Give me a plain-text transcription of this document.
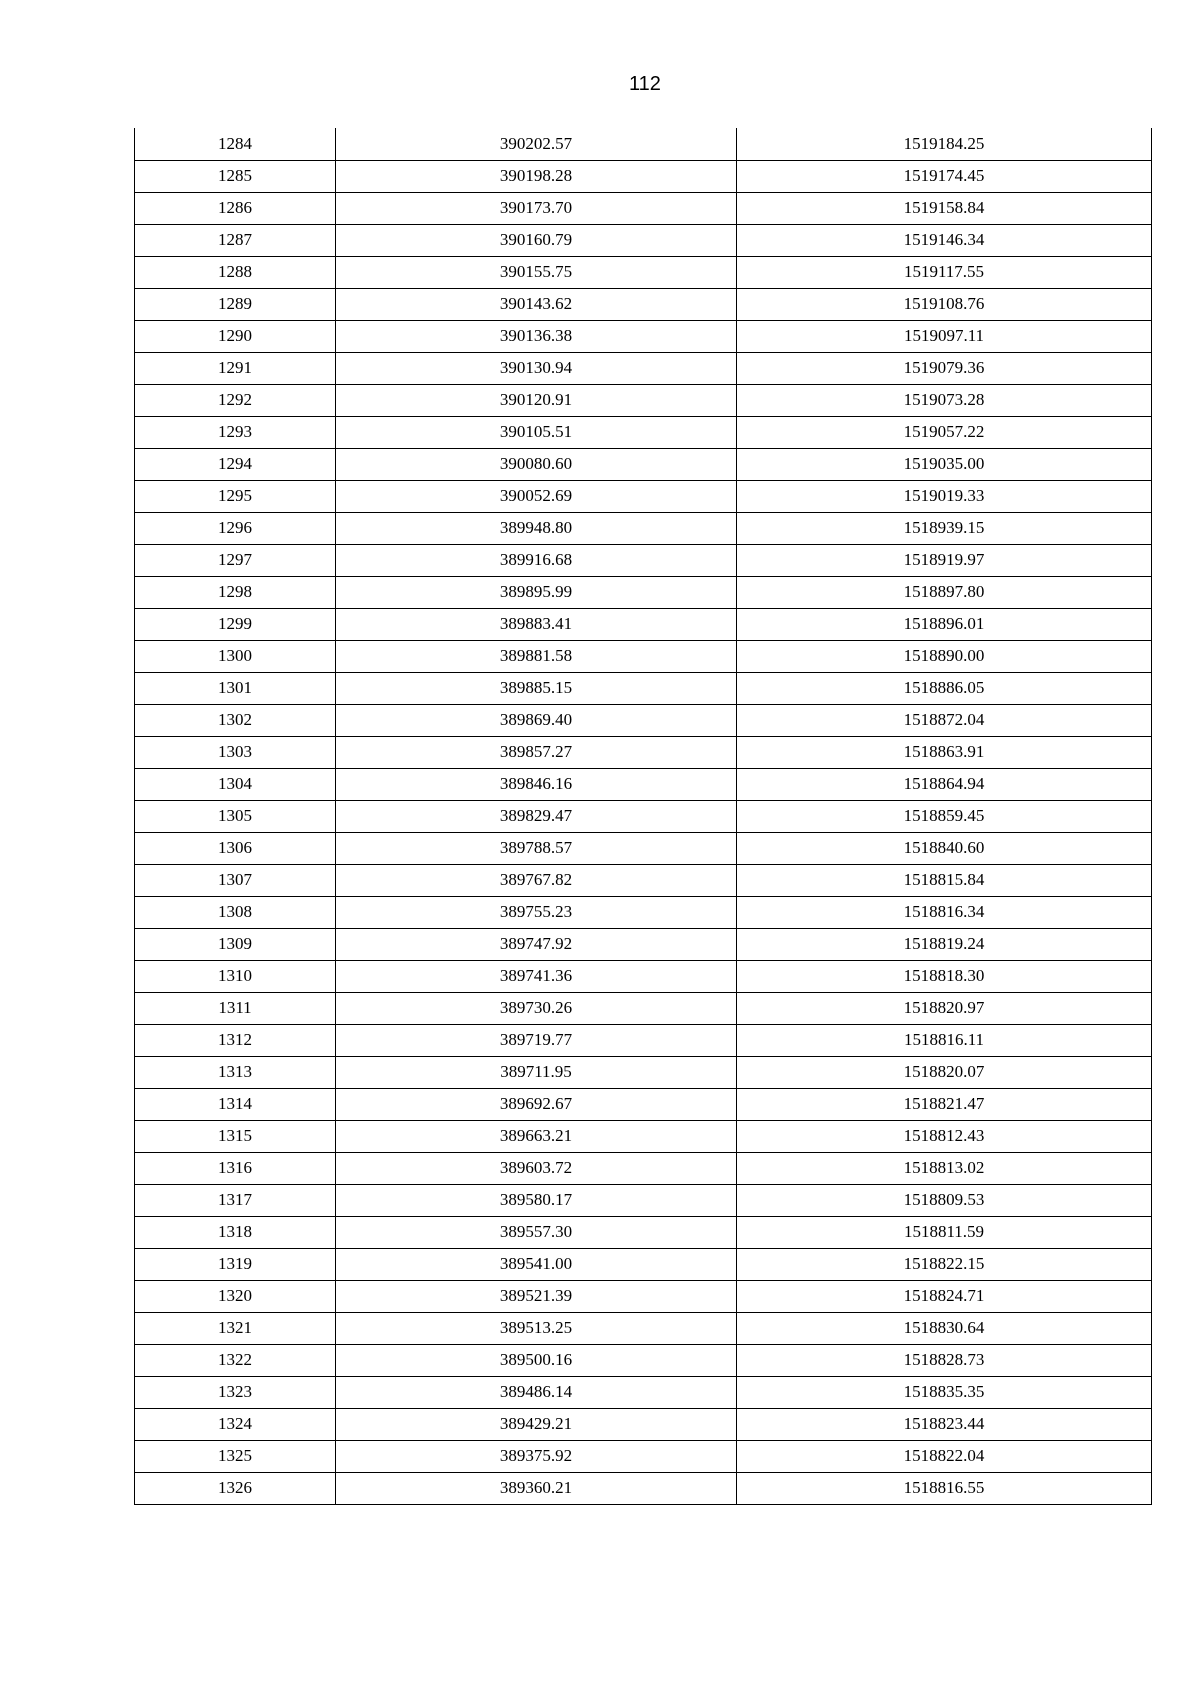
112
1284	390202.57	1519184.25
1285	390198.28	1519174.45
1286	390173.70	1519158.84
1287	390160.79	1519146.34
1288	390155.75	1519117.55
1289	390143.62	1519108.76
1290	390136.38	1519097.11
1291	390130.94	1519079.36
1292	390120.91	1519073.28
1293	390105.51	1519057.22
1294	390080.60	1519035.00
1295	390052.69	1519019.33
1296	389948.80	1518939.15
1297	389916.68	1518919.97
1298	389895.99	1518897.80
1299	389883.41	1518896.01
1300	389881.58	1518890.00
1301	389885.15	1518886.05
1302	389869.40	1518872.04
1303	389857.27	1518863.91
1304	389846.16	1518864.94
1305	389829.47	1518859.45
1306	389788.57	1518840.60
1307	389767.82	1518815.84
1308	389755.23	1518816.34
1309	389747.92	1518819.24
1310	389741.36	1518818.30
1311	389730.26	1518820.97
1312	389719.77	1518816.11
1313	389711.95	1518820.07
1314	389692.67	1518821.47
1315	389663.21	1518812.43
1316	389603.72	1518813.02
1317	389580.17	1518809.53
1318	389557.30	1518811.59
1319	389541.00	1518822.15
1320	389521.39	1518824.71
1321	389513.25	1518830.64
1322	389500.16	1518828.73
1323	389486.14	1518835.35
1324	389429.21	1518823.44
1325	389375.92	1518822.04
1326	389360.21	1518816.55
